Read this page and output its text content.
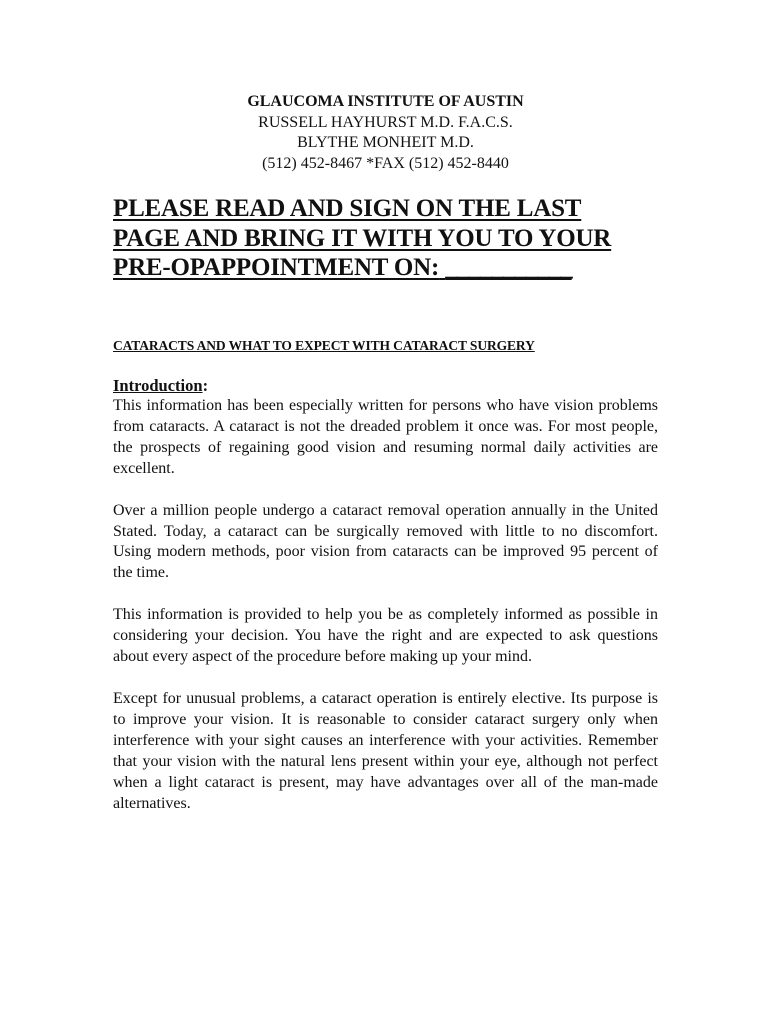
GLAUCOMA INSTITUTE OF AUSTIN
RUSSELL HAYHURST M.D. F.A.C.S.
BLYTHE MONHEIT M.D.
(512) 452-8467 *FAX (512) 452-8440
PLEASE READ AND SIGN ON THE LAST
PAGE AND BRING IT WITH YOU TO YOUR
PRE-OPAPPOINTMENT ON: ___________
CATARACTS AND WHAT TO EXPECT WITH CATARACT SURGERY
Introduction:

This information has been especially written for persons who have vision problems from cataracts. A cataract is not the dreaded problem it once was. For most people, the prospects of regaining good vision and resuming normal daily activities are excellent.

Over a million people undergo a cataract removal operation annually in the United Stated. Today, a cataract can be surgically removed with little to no discomfort. Using modern methods, poor vision from cataracts can be improved 95 percent of the time.

This information is provided to help you be as completely informed as possible in considering your decision. You have the right and are expected to ask questions about every aspect of the procedure before making up your mind.

Except for unusual problems, a cataract operation is entirely elective. Its purpose is to improve your vision. It is reasonable to consider cataract surgery only when interference with your sight causes an interference with your activities. Remember that your vision with the natural lens present within your eye, although not perfect when a light cataract is present, may have advantages over all of the man-made alternatives.
